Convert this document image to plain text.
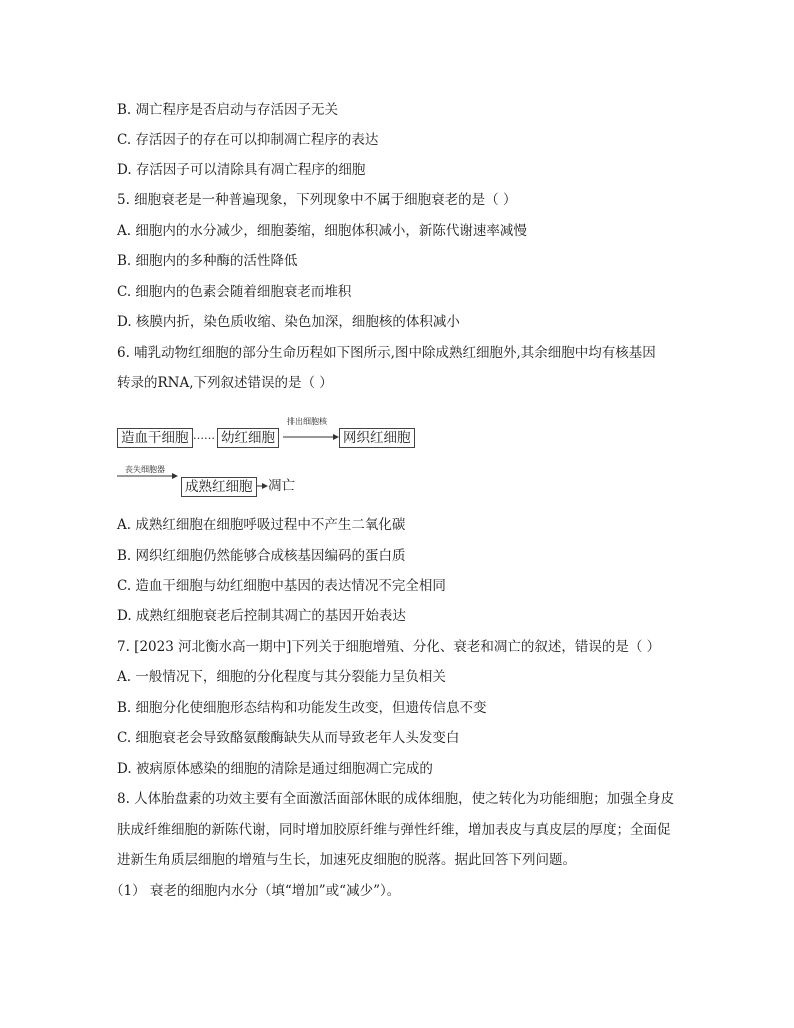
B. 凋亡程序是否启动与存活因子无关
C. 存活因子的存在可以抑制凋亡程序的表达
D. 存活因子可以清除具有凋亡程序的细胞
5. 细胞衰老是一种普遍现象，下列现象中不属于细胞衰老的是（ ）
A. 细胞内的水分减少，细胞萎缩，细胞体积减小，新陈代谢速率减慢
B. 细胞内的多种酶的活性降低
C. 细胞内的色素会随着细胞衰老而堆积
D. 核膜内折，染色质收缩、染色加深，细胞核的体积减小
6. 哺乳动物红细胞的部分生命历程如下图所示,图中除成熟红细胞外,其余细胞中均有核基因
转录的RNA,下列叙述错误的是（ ）
造血干细胞 …… 幼红细胞
排出细胞核
网织红细胞
丧失细胞器
成熟红细胞 凋亡
A. 成熟红细胞在细胞呼吸过程中不产生二氧化碳
B. 网织红细胞仍然能够合成核基因编码的蛋白质
C. 造血干细胞与幼红细胞中基因的表达情况不完全相同
D. 成熟红细胞衰老后控制其凋亡的基因开始表达
7. [2023 河北衡水高一期中]下列关于细胞增殖、分化、衰老和凋亡的叙述，错误的是（ ）
A. 一般情况下，细胞的分化程度与其分裂能力呈负相关
B. 细胞分化使细胞形态结构和功能发生改变，但遗传信息不变
C. 细胞衰老会导致酪氨酸酶缺失从而导致老年人头发变白
D. 被病原体感染的细胞的清除是通过细胞凋亡完成的
8. 人体胎盘素的功效主要有全面激活面部休眠的成体细胞，使之转化为功能细胞；加强全身皮
肤成纤维细胞的新陈代谢，同时增加胶原纤维与弹性纤维，增加表皮与真皮层的厚度；全面促
进新生角质层细胞的增殖与生长，加速死皮细胞的脱落。据此回答下列问题。
（1） 衰老的细胞内水分（填“增加”或“减少”）。
